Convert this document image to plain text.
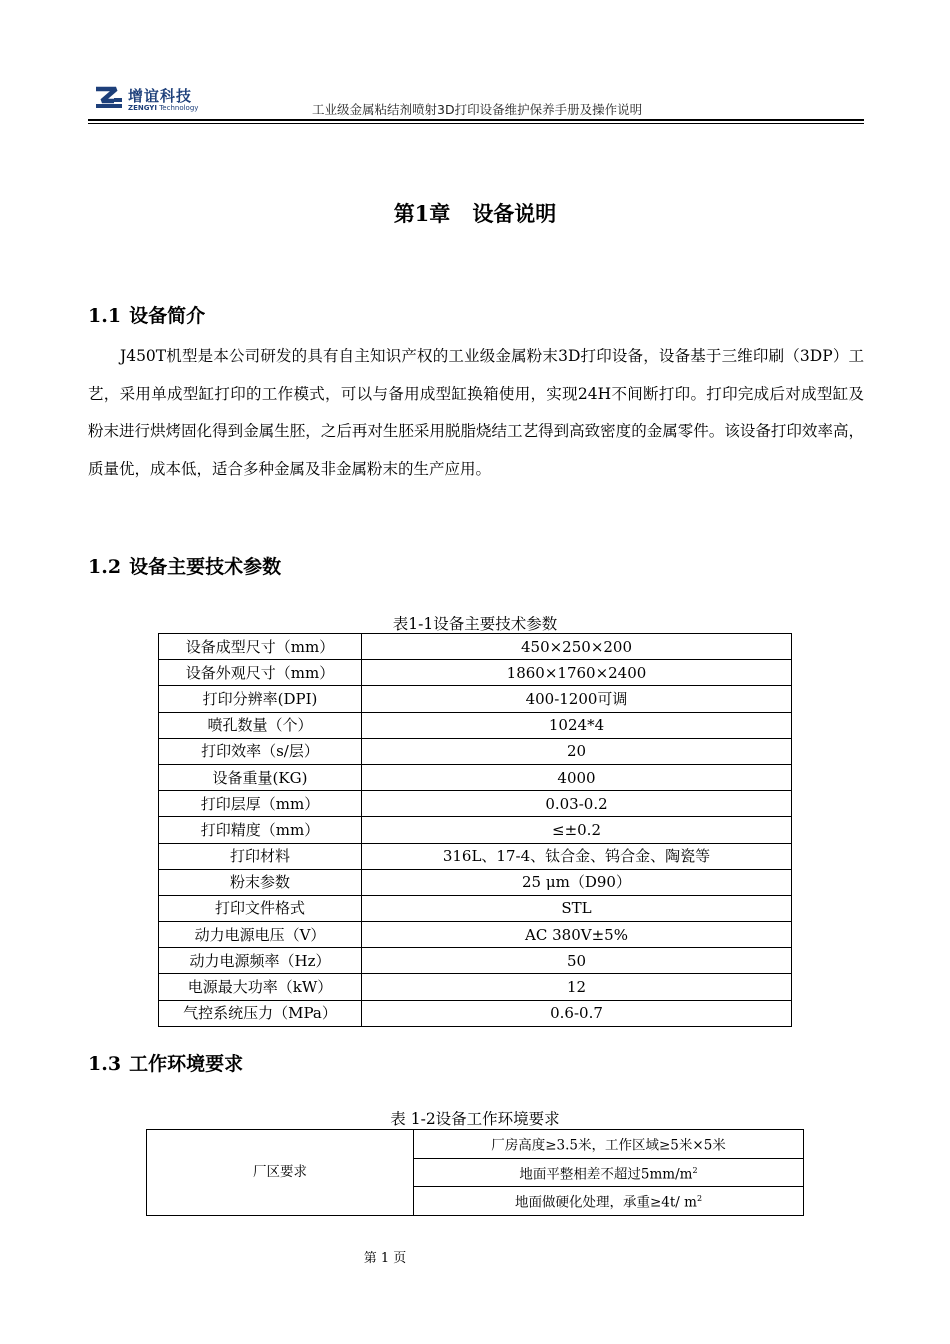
增谊科技
ZENGYI Technology	工业级金属粘结剂喷射3D打印设备维护保养手册及操作说明
第1章 设备说明
1.1 设备简介
J450T机型是本公司研发的具有自主知识产权的工业级金属粉末3D打印设备，设备基于三维印刷（3DP）工艺，采用单成型缸打印的工作模式，可以与备用成型缸换箱使用，实现24H不间断打印。打印完成后对成型缸及粉末进行烘烤固化得到金属生胚，之后再对生胚采用脱脂烧结工艺得到高致密度的金属零件。该设备打印效率高，质量优，成本低，适合多种金属及非金属粉末的生产应用。
1.2 设备主要技术参数
表1-1设备主要技术参数
设备成型尺寸（mm）	450×250×200
设备外观尺寸（mm）	1860×1760×2400
打印分辨率(DPI)	400-1200可调
喷孔数量（个）	1024*4
打印效率（s/层）	20
设备重量(KG)	4000
打印层厚（mm）	0.03-0.2
打印精度（mm）	≤±0.2
打印材料	316L、17-4、钛合金、钨合金、陶瓷等
粉末参数	25 μm（D90）
打印文件格式	STL
动力电源电压（V）	AC 380V±5%
动力电源频率（Hz）	50
电源最大功率（kW）	12
气控系统压力（MPa）	0.6-0.7
1.3 工作环境要求
表 1-2设备工作环境要求
厂区要求	厂房高度≥3.5米，工作区域≥5米×5米
地面平整相差不超过$5mm/m^2$
地面做硬化处理，承重≥4t/ $m^2$
第 1 页
